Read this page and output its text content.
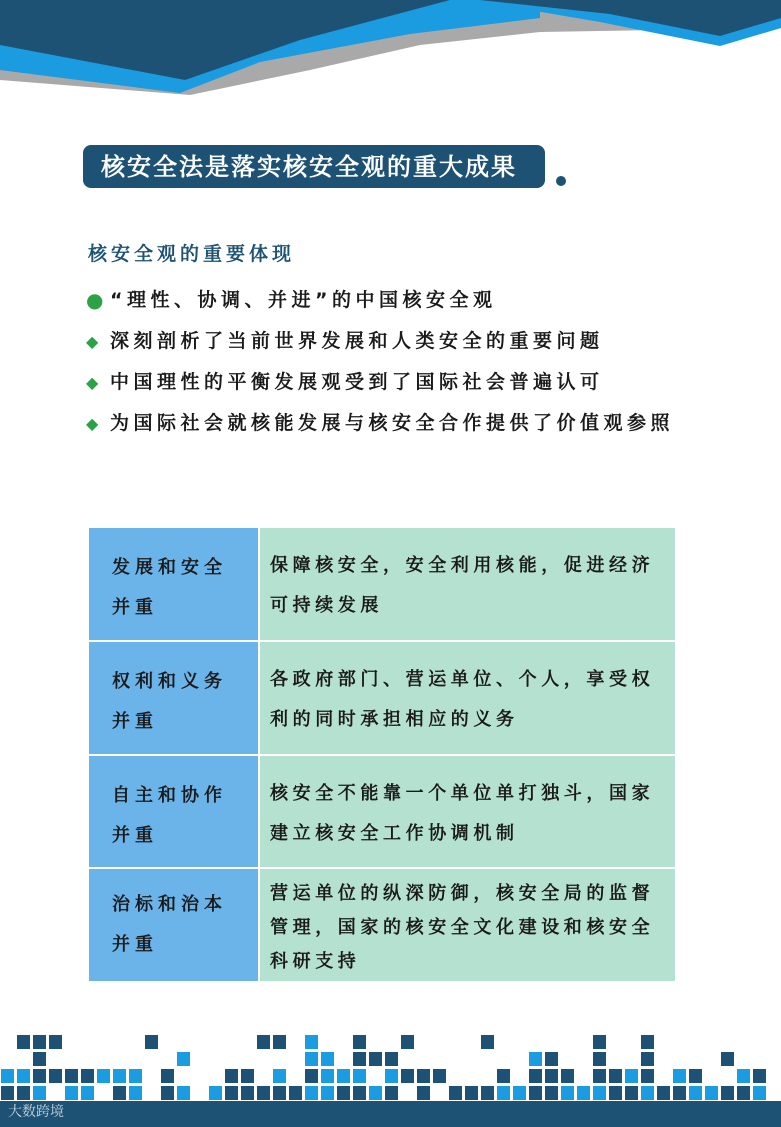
核安全法是落实核安全观的重大成果
核安全观的重要体现
● “理性、协调、并进”的中国核安全观
◆ 深刻剖析了当前世界发展和人类安全的重要问题
◆ 中国理性的平衡发展观受到了国际社会普遍认可
◆ 为国际社会就核能发展与核安全合作提供了价值观参照
发展和安全并重
保障核安全，安全利用核能，促进经济可持续发展
权利和义务并重
各政府部门、营运单位、个人，享受权利的同时承担相应的义务
自主和协作并重
核安全不能靠一个单位单打独斗，国家建立核安全工作协调机制
治标和治本并重
营运单位的纵深防御，核安全局的监督管理，国家的核安全文化建设和核安全科研支持
大数跨境
